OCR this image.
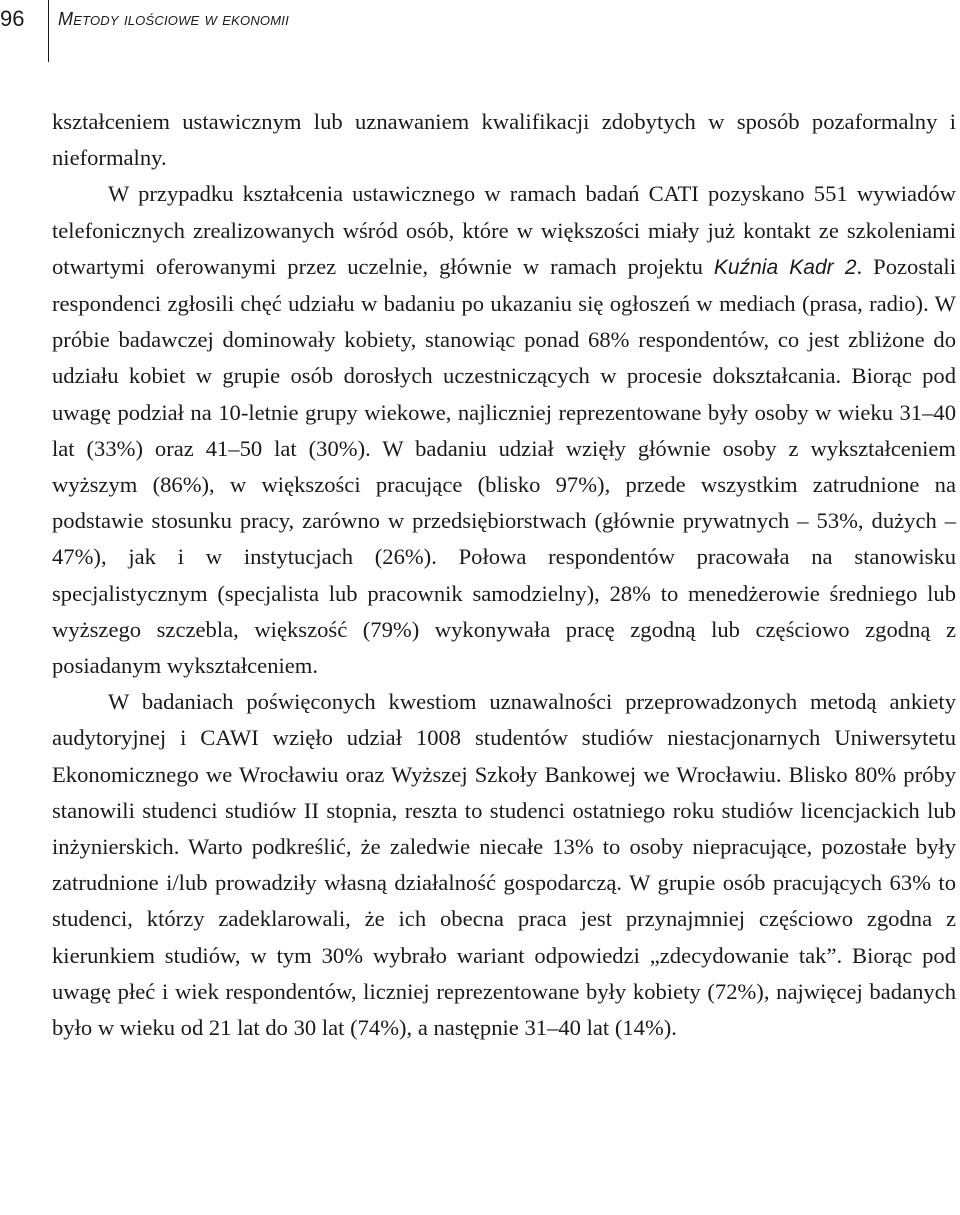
96 Metody ilościowe w ekonomii

kształceniem ustawicznym lub uznawaniem kwalifikacji zdobytych w sposób pozaformalny i nieformalny.

W przypadku kształcenia ustawicznego w ramach badań CATI pozyskano 551 wywiadów telefonicznych zrealizowanych wśród osób, które w większości miały już kontakt ze szkoleniami otwartymi oferowanymi przez uczelnie, głównie w ramach projektu Kuźnia Kadr 2. Pozostali respondenci zgłosili chęć udziału w badaniu po ukazaniu się ogłoszeń w mediach (prasa, radio). W próbie badawczej dominowały kobiety, stanowiąc ponad 68% respondentów, co jest zbliżone do udziału kobiet w grupie osób dorosłych uczestniczących w procesie dokształcania. Biorąc pod uwagę podział na 10-letnie grupy wiekowe, najliczniej reprezentowane były osoby w wieku 31–40 lat (33%) oraz 41–50 lat (30%). W badaniu udział wzięły głównie osoby z wykształceniem wyższym (86%), w większości pracujące (blisko 97%), przede wszystkim zatrudnione na podstawie stosunku pracy, zarówno w przedsiębiorstwach (głównie prywatnych – 53%, dużych – 47%), jak i w instytucjach (26%). Połowa respondentów pracowała na stanowisku specjalistycznym (specjalista lub pracownik samodzielny), 28% to menedżerowie średniego lub wyższego szczebla, większość (79%) wykonywała pracę zgodną lub częściowo zgodną z posiadanym wykształceniem.

W badaniach poświęconych kwestiom uznawalności przeprowadzonych metodą ankiety audytoryjnej i CAWI wzięło udział 1008 studentów studiów niestacjonarnych Uniwersytetu Ekonomicznego we Wrocławiu oraz Wyższej Szkoły Bankowej we Wrocławiu. Blisko 80% próby stanowili studenci studiów II stopnia, reszta to studenci ostatniego roku studiów licencjackich lub inżynierskich. Warto podkreślić, że zaledwie niecałe 13% to osoby niepracujące, pozostałe były zatrudnione i/lub prowadziły własną działalność gospodarczą. W grupie osób pracujących 63% to studenci, którzy zadeklarowali, że ich obecna praca jest przynajmniej częściowo zgodna z kierunkiem studiów, w tym 30% wybrało wariant odpowiedzi „zdecydowanie tak”. Biorąc pod uwagę płeć i wiek respondentów, liczniej reprezentowane były kobiety (72%), najwięcej badanych było w wieku od 21 lat do 30 lat (74%), a następnie 31–40 lat (14%).
